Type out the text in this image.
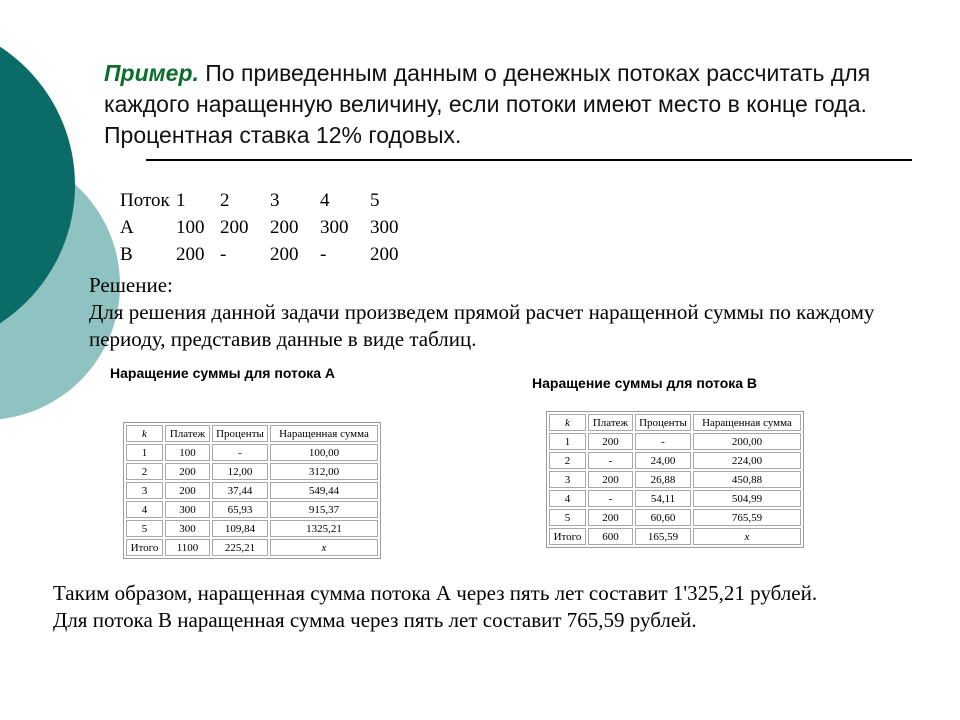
Пример. По приведенным данным о денежных потоках рассчитать для каждого наращенную величину, если потоки имеют место в конце года. Процентная ставка 12% годовых.
Поток	1	2	3	4	5
A	100	200	200	300	300
B	200	-	200	-	200
Решение:
Для решения данной задачи произведем прямой расчет наращенной суммы по каждому периоду, представив данные в виде таблиц.
Наращение суммы для потока А
k	Платеж	Проценты	Наращенная сумма
1	100	-	100,00
2	200	12,00	312,00
3	200	37,44	549,44
4	300	65,93	915,37
5	300	109,84	1325,21
Итого	1100	225,21	x
Наращение суммы для потока В
k	Платеж	Проценты	Наращенная сумма
1	200	-	200,00
2	-	24,00	224,00
3	200	26,88	450,88
4	-	54,11	504,99
5	200	60,60	765,59
Итого	600	165,59	x
Таким образом, наращенная сумма потока А через пять лет составит 1'325,21 рублей.
Для потока В наращенная сумма через пять лет составит 765,59 рублей.
